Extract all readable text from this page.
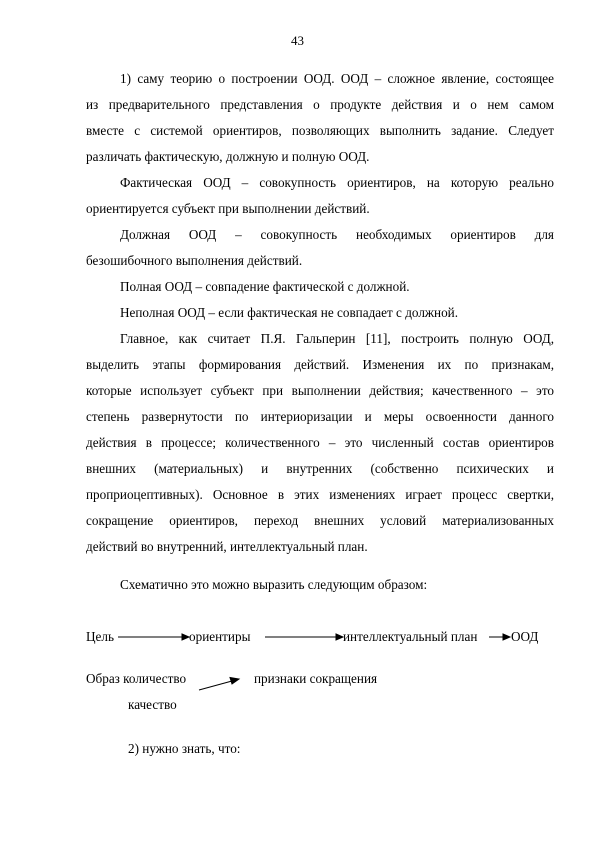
43
1) саму теорию о построении ООД. ООД – сложное явление, состоящее
из предварительного представления о продукте действия и о нем самом
вместе с системой ориентиров, позволяющих выполнить задание. Следует
различать фактическую, должную и полную ООД.
Фактическая ООД – совокупность ориентиров, на которую реально
ориентируется субъект при выполнении действий.
Должная ООД – совокупность необходимых ориентиров для
безошибочного выполнения действий.
Полная ООД – совпадение фактической с должной.
Неполная ООД – если фактическая не совпадает с должной.
Главное, как считает П.Я. Гальперин [11], построить полную ООД,
выделить этапы формирования действий. Изменения их по признакам,
которые использует субъект при выполнении действия; качественного – это
степень развернутости по интериоризации и меры освоенности данного
действия в процессе; количественного – это численный состав ориентиров
внешних (материальных) и внутренних (собственно психических и
проприоцептивных). Основное в этих изменениях играет процесс свертки,
сокращение ориентиров, переход внешних условий материализованных
действий во внутренний, интеллектуальный план.
Схематично это можно выразить следующим образом:
Цель	ориентиры	интеллектуальный план	ООД
Образ количество	признаки сокращения
качество
2) нужно знать, что:
